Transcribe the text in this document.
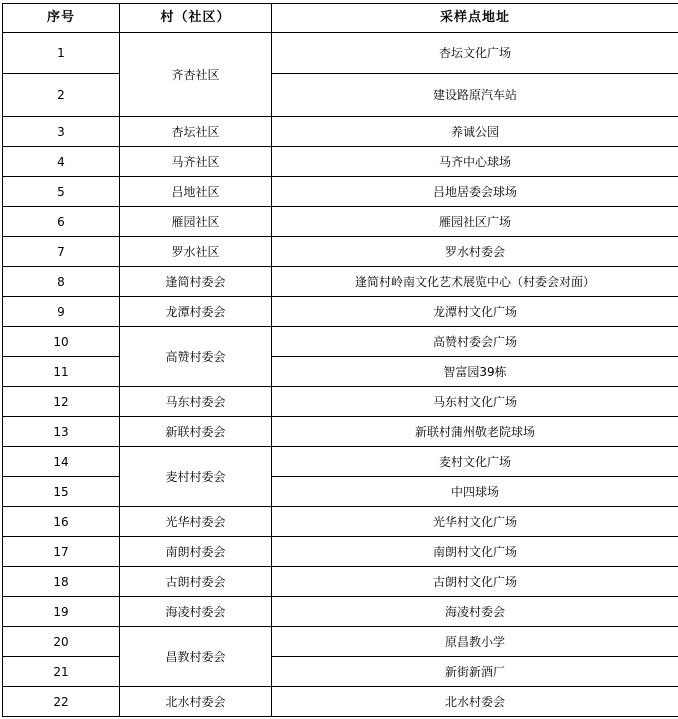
序号	村（社区）	采样点地址
1	齐杏社区	杏坛文化广场
2		建设路原汽车站
3	杏坛社区	养诚公园
4	马齐社区	马齐中心球场
5	吕地社区	吕地居委会球场
6	雁园社区	雁园社区广场
7	罗水社区	罗水村委会
8	逢简村委会	逢简村岭南文化艺术展览中心（村委会对面）
9	龙潭村委会	龙潭村文化广场
10	高赞村委会	高赞村委会广场
11		智富园39栋
12	马东村委会	马东村文化广场
13	新联村委会	新联村蒲州敬老院球场
14	麦村村委会	麦村文化广场
15		中四球场
16	光华村委会	光华村文化广场
17	南朗村委会	南朗村文化广场
18	古朗村委会	古朗村文化广场
19	海凌村委会	海凌村委会
20	昌教村委会	原昌教小学
21		新街新酒厂
22	北水村委会	北水村委会
